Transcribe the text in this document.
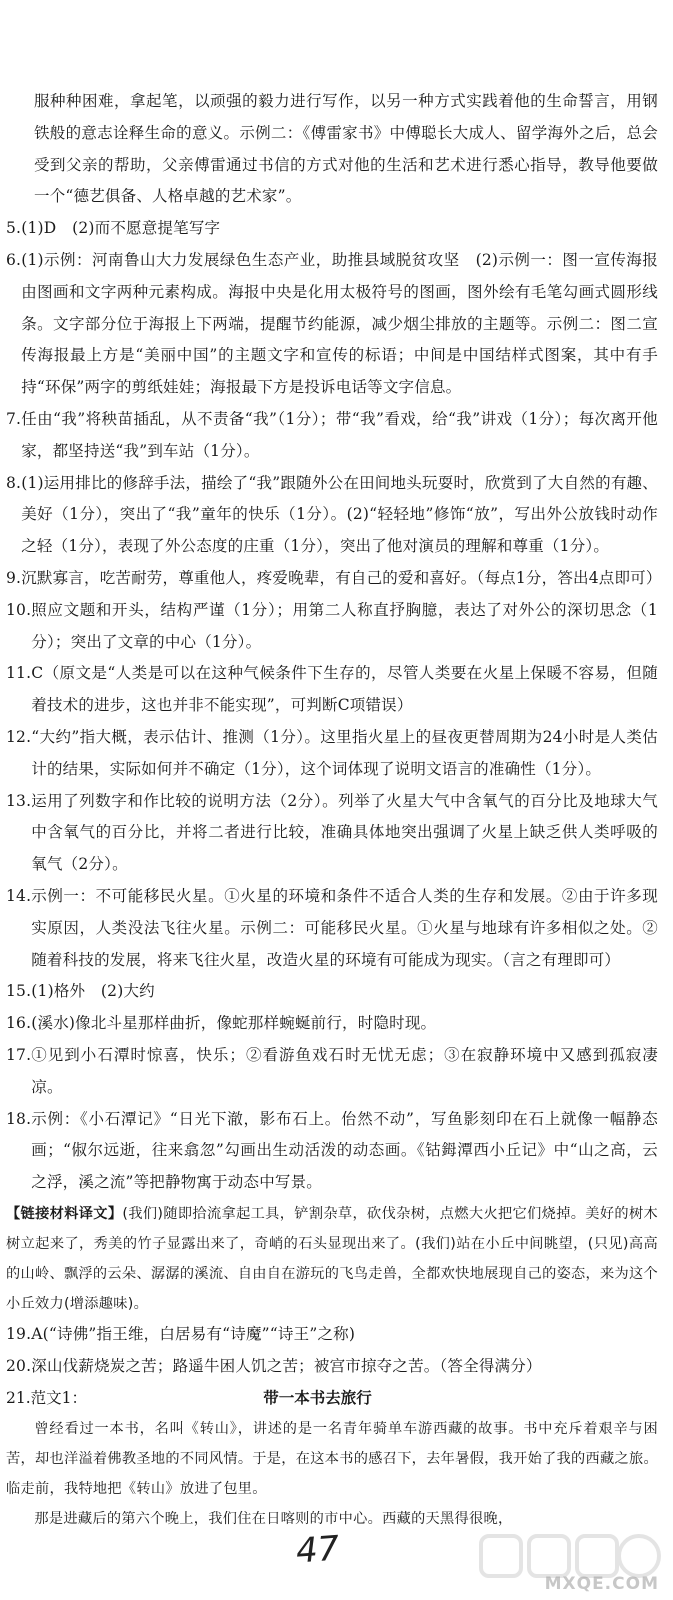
服种种困难，拿起笔，以顽强的毅力进行写作，以另一种方式实践着他的生命誓言，用钢铁般的意志诠释生命的意义。示例二：《傅雷家书》中傅聪长大成人、留学海外之后，总会受到父亲的帮助，父亲傅雷通过书信的方式对他的生活和艺术进行悉心指导，教导他要做一个“德艺俱备、人格卓越的艺术家”。
5. (1)D　(2)而不愿意提笔写字
6. (1)示例：河南鲁山大力发展绿色生态产业，助推县域脱贫攻坚　(2)示例一：图一宣传海报由图画和文字两种元素构成。海报中央是化用太极符号的图画，图外绘有毛笔勾画式圆形线条。文字部分位于海报上下两端，提醒节约能源，减少烟尘排放的主题等。示例二：图二宣传海报最上方是“美丽中国”的主题文字和宣传的标语；中间是中国结样式图案，其中有手持“环保”两字的剪纸娃娃；海报最下方是投诉电话等文字信息。
7. 任由“我”将秧苗插乱，从不责备“我”（1分）；带“我”看戏，给“我”讲戏（1分）；每次离开他家，都坚持送“我”到车站（1分）。
8. (1)运用排比的修辞手法，描绘了“我”跟随外公在田间地头玩耍时，欣赏到了大自然的有趣、美好（1分），突出了“我”童年的快乐（1分）。(2)“轻轻地”修饰“放”，写出外公放钱时动作之轻（1分），表现了外公态度的庄重（1分），突出了他对演员的理解和尊重（1分）。
9. 沉默寡言，吃苦耐劳，尊重他人，疼爱晚辈，有自己的爱和喜好。（每点1分，答出4点即可）
10. 照应文题和开头，结构严谨（1分）；用第二人称直抒胸臆，表达了对外公的深切思念（1分）；突出了文章的中心（1分）。
11. C（原文是“人类是可以在这种气候条件下生存的，尽管人类要在火星上保暖不容易，但随着技术的进步，这也并非不能实现”，可判断C项错误）
12. “大约”指大概，表示估计、推测（1分）。这里指火星上的昼夜更替周期为24小时是人类估计的结果，实际如何并不确定（1分），这个词体现了说明文语言的准确性（1分）。
13. 运用了列数字和作比较的说明方法（2分）。列举了火星大气中含氧气的百分比及地球大气中含氧气的百分比，并将二者进行比较，准确具体地突出强调了火星上缺乏供人类呼吸的氧气（2分）。
14. 示例一：不可能移民火星。①火星的环境和条件不适合人类的生存和发展。②由于许多现实原因，人类没法飞往火星。示例二：可能移民火星。①火星与地球有许多相似之处。②随着科技的发展，将来飞往火星，改造火星的环境有可能成为现实。（言之有理即可）
15. (1)格外　(2)大约
16. (溪水)像北斗星那样曲折，像蛇那样蜿蜒前行，时隐时现。
17. ①见到小石潭时惊喜，快乐；②看游鱼戏石时无忧无虑；③在寂静环境中又感到孤寂凄凉。
18. 示例：《小石潭记》“日光下澈，影布石上。佁然不动”，写鱼影刻印在石上就像一幅静态画；“俶尔远逝，往来翕忽”勾画出生动活泼的动态画。《钴鉧潭西小丘记》中“山之高，云之浮，溪之流”等把静物寓于动态中写景。
【链接材料译文】(我们)随即拾流拿起工具，铲割杂草，砍伐杂树，点燃大火把它们烧掉。美好的树木树立起来了，秀美的竹子显露出来了，奇峭的石头显现出来了。(我们)站在小丘中间眺望，(只见)高高的山岭、飘浮的云朵、潺潺的溪流、自由自在游玩的飞鸟走兽，全都欢快地展现自己的姿态，来为这个小丘效力(增添趣味)。
19. A(“诗佛”指王维，白居易有“诗魔”“诗王”之称)
20. 深山伐薪烧炭之苦；路遥牛困人饥之苦；被宫市掠夺之苦。（答全得满分）
21. 范文1：	带一本书去旅行
曾经看过一本书，名叫《转山》，讲述的是一名青年骑单车游西藏的故事。书中充斥着艰辛与困苦，却也洋溢着佛教圣地的不同风情。于是，在这本书的感召下，去年暑假，我开始了我的西藏之旅。临走前，我特地把《转山》放进了包里。
那是进藏后的第六个晚上，我们住在日喀则的市中心。西藏的天黑得很晚，
47
MXQE.COM
